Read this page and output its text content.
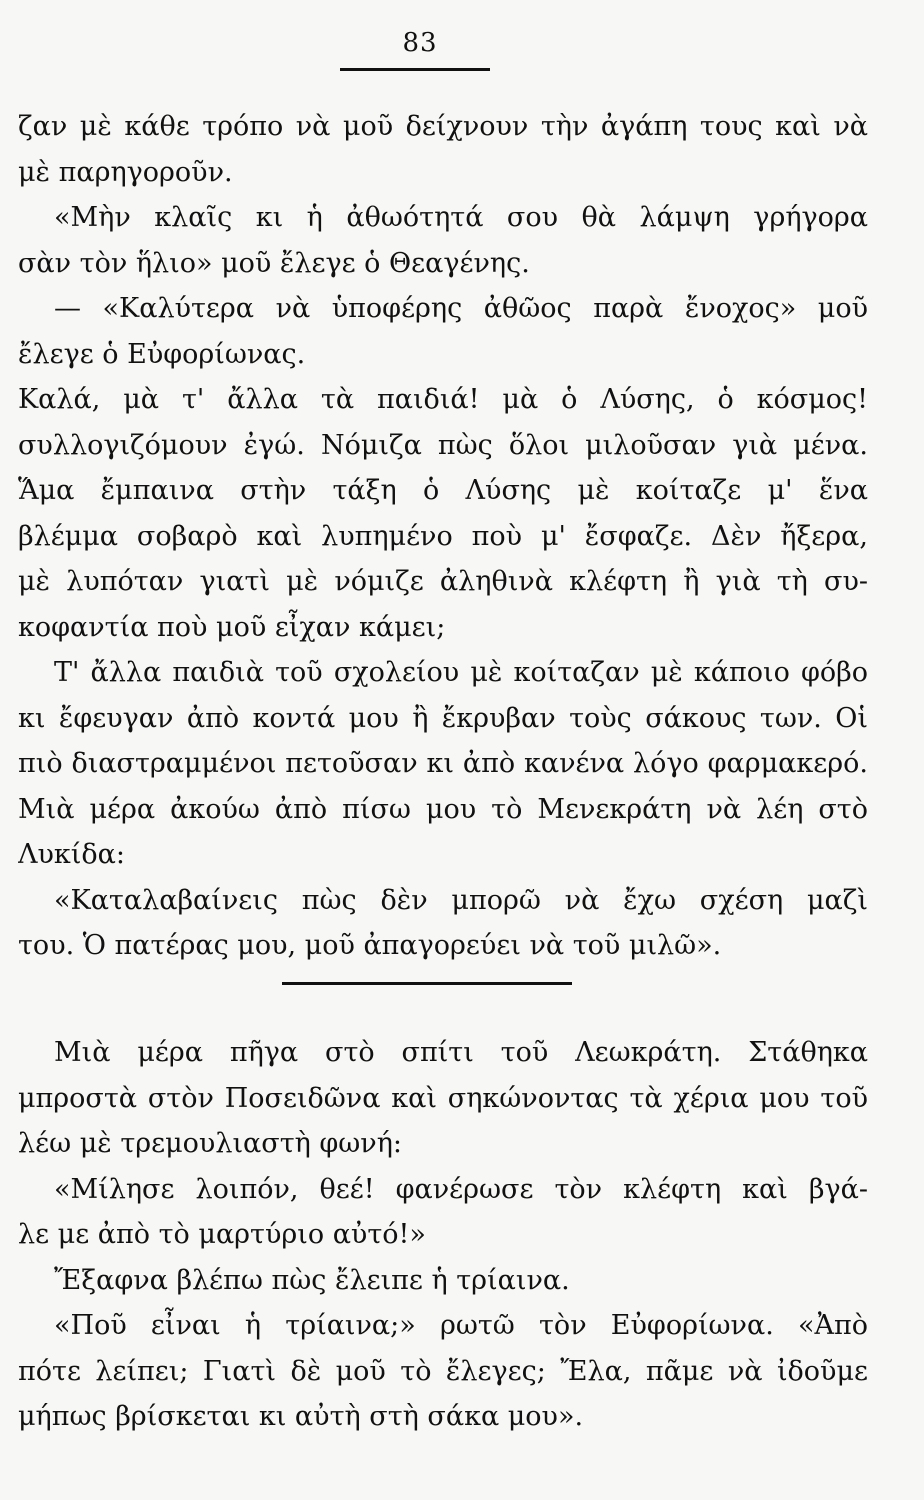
83
ζαν μὲ κάθε τρόπο νὰ μοῦ δείχνουν τὴν ἀγάπη τους καὶ νὰ
μὲ παρηγοροῦν.
«Μὴν κλαῖς κι ἡ ἀθωότητά σου θὰ λάμψη γρήγορα
σὰν τὸν ἥλιο» μοῦ ἔλεγε ὁ Θεαγένης.
— «Καλύτερα νὰ ὑποφέρης ἀθῶος παρὰ ἔνοχος» μοῦ
ἔλεγε ὁ Εὐφορίωνας.
Καλά, μὰ τ' ἄλλα τὰ παιδιά! μὰ ὁ Λύσης, ὁ κόσμος!
συλλογιζόμουν ἐγώ. Νόμιζα πὼς ὅλοι μιλοῦσαν γιὰ μένα.
Ἅμα ἔμπαινα στὴν τάξη ὁ Λύσης μὲ κοίταζε μ' ἕνα
βλέμμα σοβαρὸ καὶ λυπημένο ποὺ μ' ἔσφαζε. Δὲν ἤξερα,
μὲ λυπόταν γιατὶ μὲ νόμιζε ἀληθινὰ κλέφτη ἢ γιὰ τὴ συ-
κοφαντία ποὺ μοῦ εἶχαν κάμει;
Τ' ἄλλα παιδιὰ τοῦ σχολείου μὲ κοίταζαν μὲ κάποιο φόβο
κι ἔφευγαν ἀπὸ κοντά μου ἢ ἔκρυβαν τοὺς σάκους των. Οἱ
πιὸ διαστραμμένοι πετοῦσαν κι ἀπὸ κανένα λόγο φαρμακερό.
Μιὰ μέρα ἀκούω ἀπὸ πίσω μου τὸ Μενεκράτη νὰ λέη στὸ
Λυκίδα:
«Καταλαβαίνεις πὼς δὲν μπορῶ νὰ ἔχω σχέση μαζὶ
του. Ὁ πατέρας μου, μοῦ ἀπαγορεύει νὰ τοῦ μιλῶ».
Μιὰ μέρα πῆγα στὸ σπίτι τοῦ Λεωκράτη. Στάθηκα
μπροστὰ στὸν Ποσειδῶνα καὶ σηκώνοντας τὰ χέρια μου τοῦ
λέω μὲ τρεμουλιαστὴ φωνή:
«Μίλησε λοιπόν, θεέ! φανέρωσε τὸν κλέφτη καὶ βγά-
λε με ἀπὸ τὸ μαρτύριο αὐτό!»
Ἔξαφνα βλέπω πὼς ἔλειπε ἡ τρίαινα.
«Ποῦ εἶναι ἡ τρίαινα;» ρωτῶ τὸν Εὐφορίωνα. «Ἀπὸ
πότε λείπει; Γιατὶ δὲ μοῦ τὸ ἔλεγες; Ἔλα, πᾶμε νὰ ἰδοῦμε
μήπως βρίσκεται κι αὐτὴ στὴ σάκα μου».
